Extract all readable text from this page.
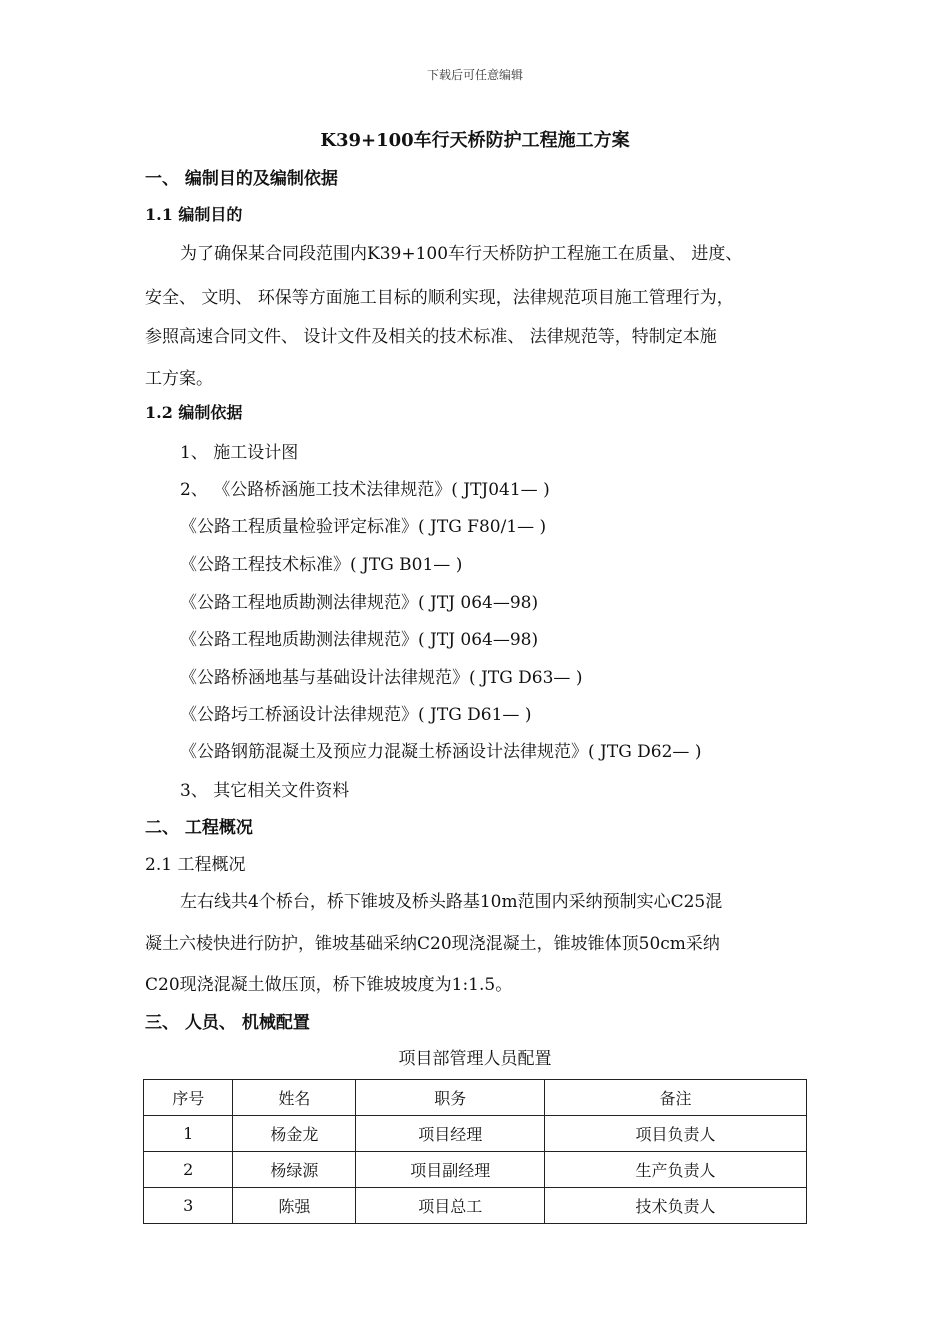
下载后可任意编辑
K39+100车行天桥防护工程施工方案
一、 编制目的及编制依据
1.1 编制目的
为了确保某合同段范围内K39+100车行天桥防护工程施工在质量、 进度、
安全、 文明、 环保等方面施工目标的顺利实现，法律规范项目施工管理行为，
参照高速合同文件、 设计文件及相关的技术标准、 法律规范等，特制定本施
工方案。
1.2 编制依据
1、 施工设计图
2、 《公路桥涵施工技术法律规范》( JTJ041— )
《公路工程质量检验评定标准》( JTG F80/1— )
《公路工程技术标准》( JTG B01— )
《公路工程地质勘测法律规范》( JTJ 064—98)
《公路工程地质勘测法律规范》( JTJ 064—98)
《公路桥涵地基与基础设计法律规范》( JTG D63— )
《公路圬工桥涵设计法律规范》( JTG D61— )
《公路钢筋混凝土及预应力混凝土桥涵设计法律规范》( JTG D62— )
3、 其它相关文件资料
二、 工程概况
2.1 工程概况
左右线共4个桥台，桥下锥坡及桥头路基10m范围内采纳预制实心C25混
凝土六棱快进行防护，锥坡基础采纳C20现浇混凝土，锥坡锥体顶50cm采纳
C20现浇混凝土做压顶，桥下锥坡坡度为1:1.5。
三、 人员、 机械配置
项目部管理人员配置
序号	姓名	职务	备注
1	杨金龙	项目经理	项目负责人
2	杨绿源	项目副经理	生产负责人
3	陈强	项目总工	技术负责人
